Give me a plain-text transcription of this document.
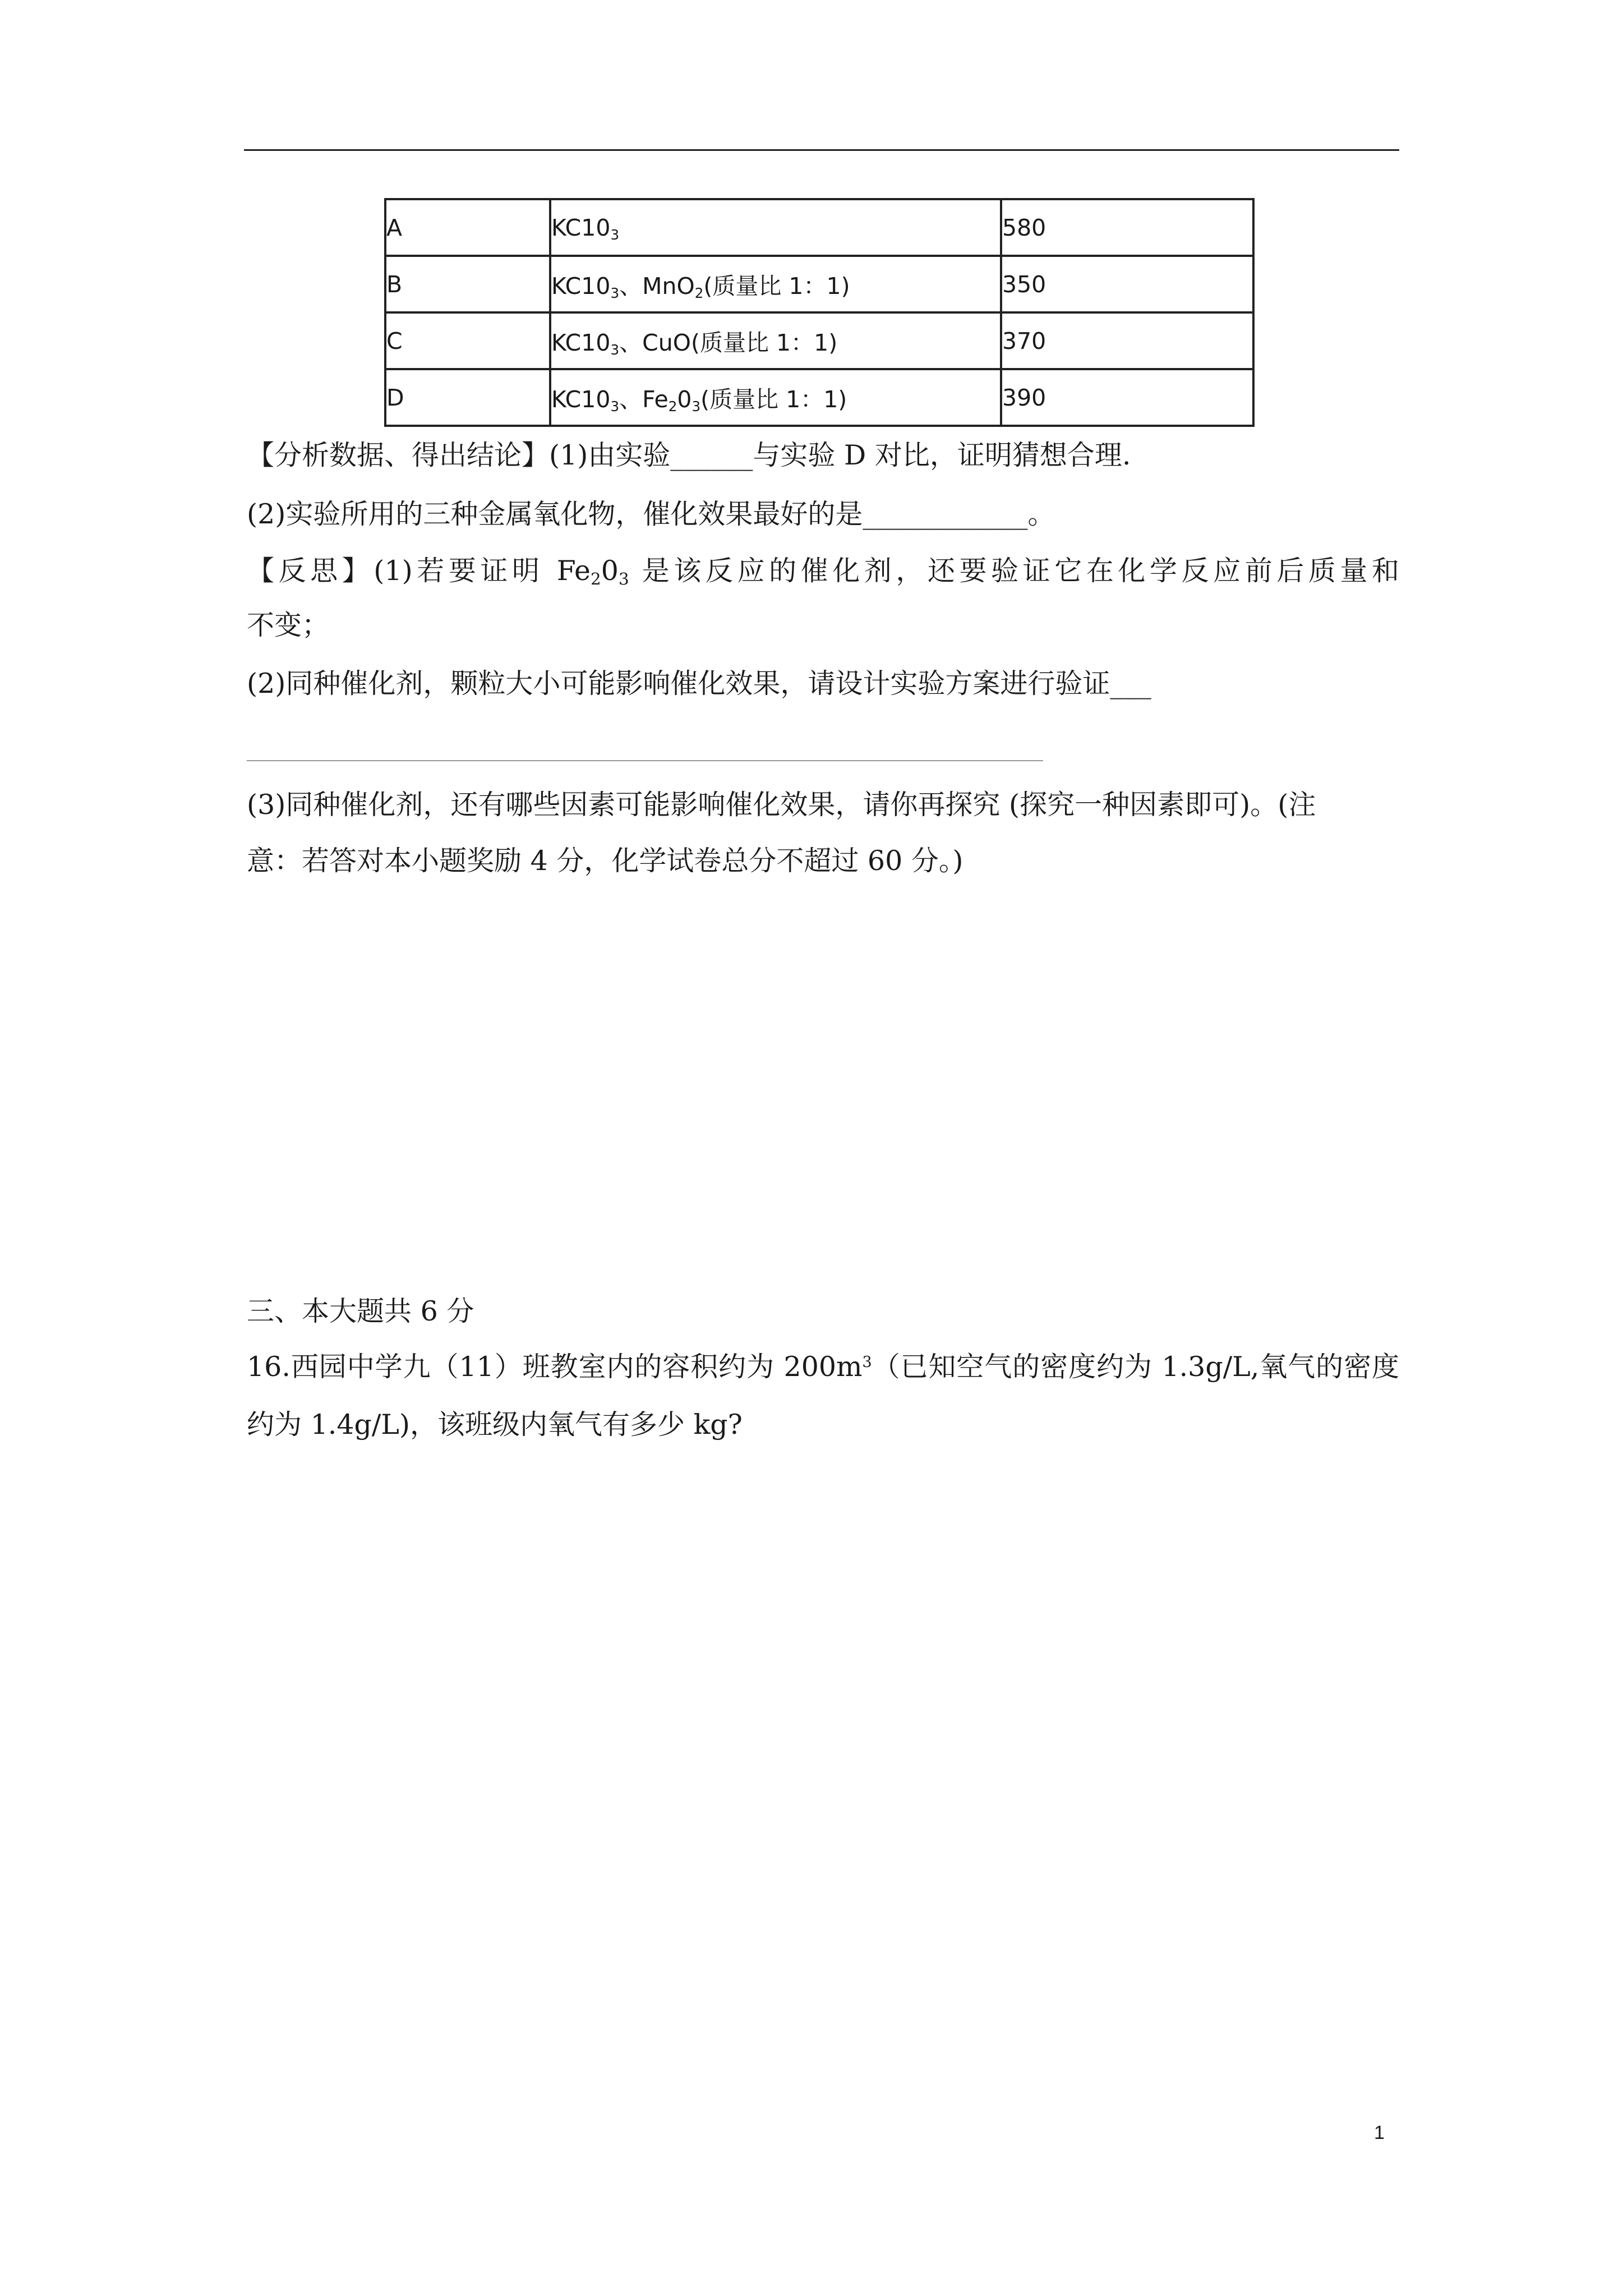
A	$KC10_3$	580
B	$KC10_3$、MnO$_2$(质量比 1：1)	350
C	$KC10_3$、CuO(质量比 1：1)	370
D	$KC10_3$、$Fe_20_3$(质量比 1：1)	390
【分析数据、得出结论】(1)由实验______与实验 D 对比，证明猜想合理.
(2)实验所用的三种金属氧化物，催化效果最好的是____________。
【反思】(1)若要证明 $Fe_20_3$ 是该反应的催化剂，还要验证它在化学反应前后质量和
不变；
(2)同种催化剂，颗粒大小可能影响催化效果，请设计实验方案进行验证___
(3)同种催化剂，还有哪些因素可能影响催化效果，请你再探究 (探究一种因素即可)。(注
意：若答对本小题奖励 4 分，化学试卷总分不超过 60 分。)
三、本大题共 6 分
16.西园中学九（11）班教室内的容积约为 $200m^3$（已知空气的密度约为 1.3g/L,氧气的密度
约为 1.4g/L)，该班级内氧气有多少 kg?
1
